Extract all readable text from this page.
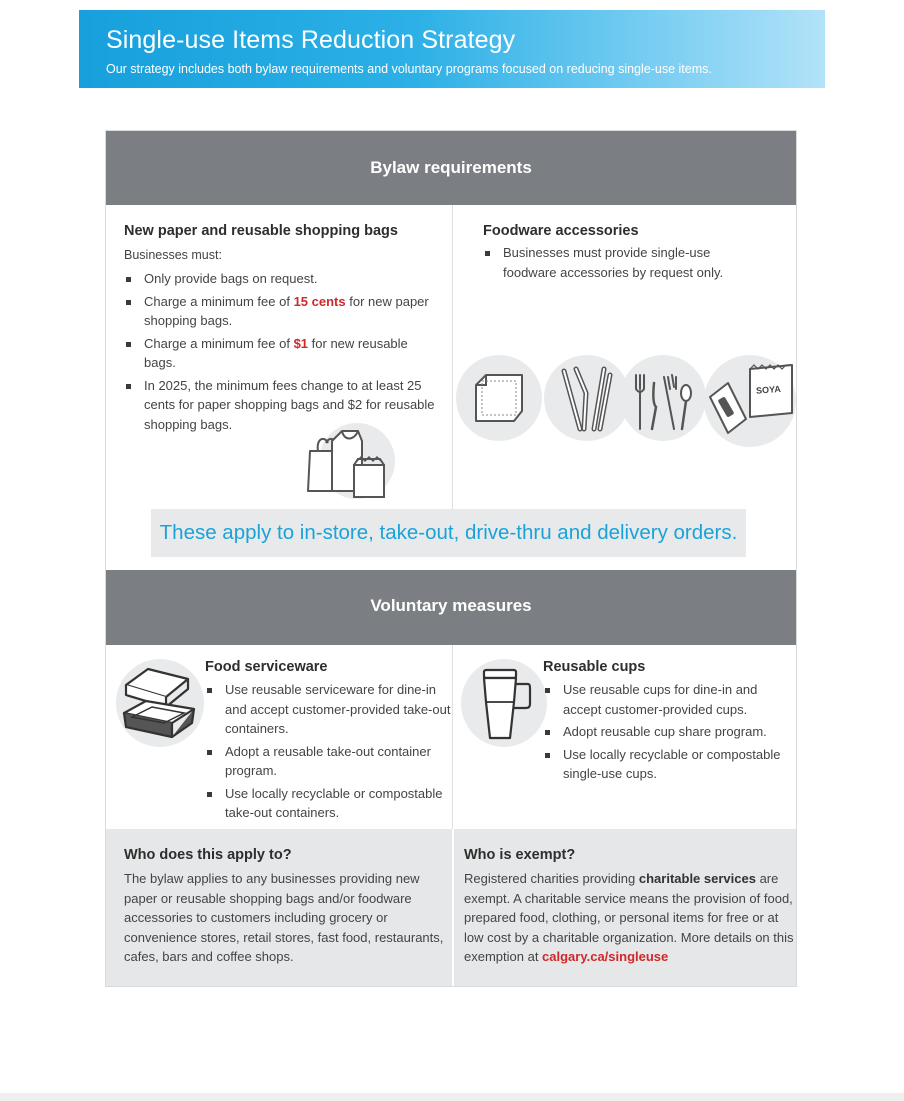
Single-use Items Reduction Strategy

Our strategy includes both bylaw requirements and voluntary programs focused on reducing single-use items.

Bylaw requirements
New paper and reusable shopping bags

Businesses must:

Only provide bags on request.
Charge a minimum fee of 15 cents for new paper shopping bags.
Charge a minimum fee of $1 for new reusable bags.
In 2025, the minimum fees change to at least 25 cents for paper shopping bags and $2 for reusable shopping bags.
Foodware accessories
Businesses must provide single-use foodware accessories by request only.
SOYA
These apply to in-store, take-out, drive-thru and delivery orders.
Voluntary measures
Food serviceware
Use reusable serviceware for dine-in and accept customer-provided take-out containers.
Adopt a reusable take-out container program.
Use locally recyclable or compostable take-out containers.
Reusable cups
Use reusable cups for dine-in and accept customer-provided cups.
Adopt reusable cup share program.
Use locally recyclable or compostable single-use cups.
Who does this apply to?

The bylaw applies to any businesses providing new paper or reusable shopping bags and/or foodware accessories to customers including grocery or convenience stores, retail stores, fast food, restaurants, cafes, bars and coffee shops.

Who is exempt?

Registered charities providing charitable services are exempt. A charitable service means the provision of food, prepared food, clothing, or personal items for free or at low cost by a charitable organization. More details on this exemption at calgary.ca/singleuse
